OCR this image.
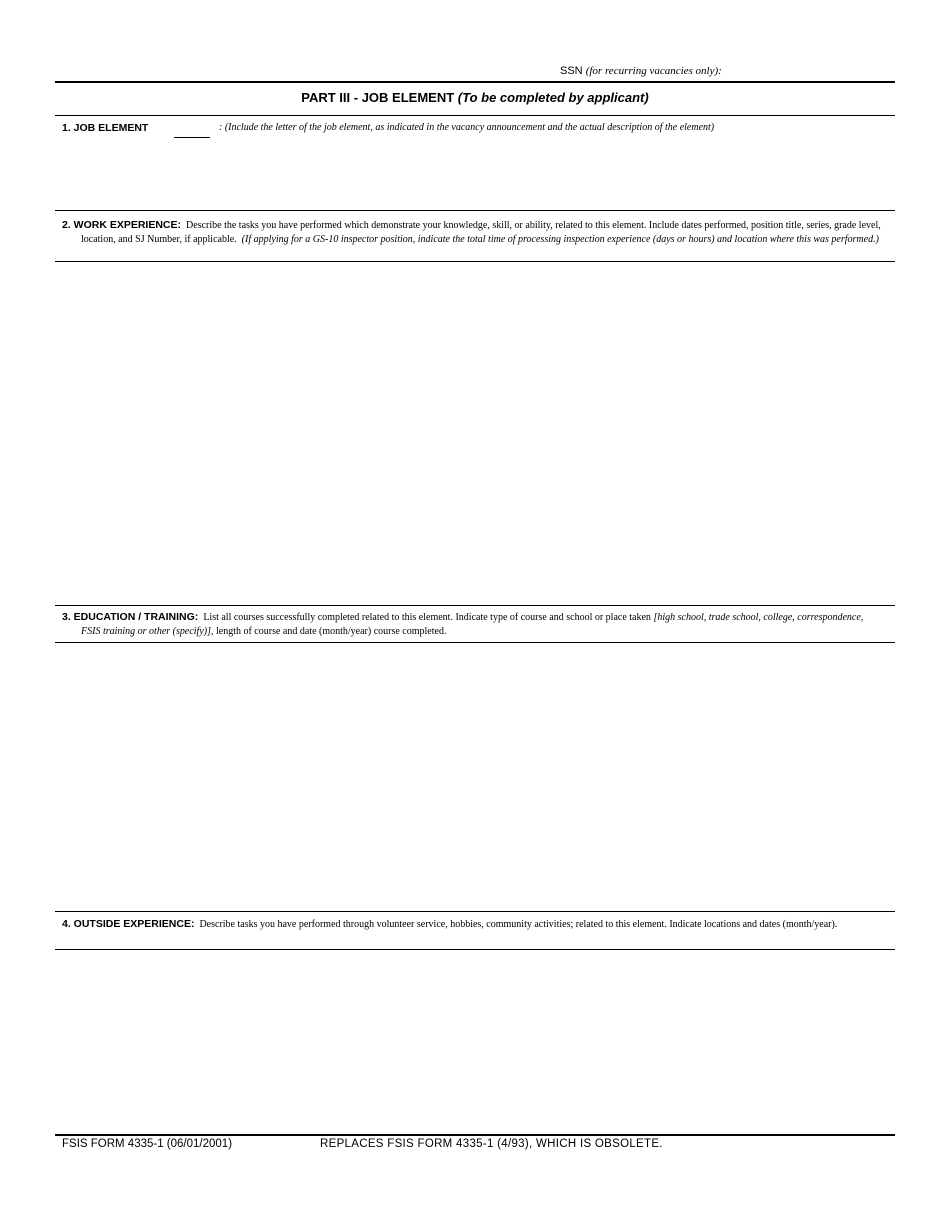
SSN (for recurring vacancies only):
PART III - JOB ELEMENT (To be completed by applicant)
1. JOB ELEMENT	: (Include the letter of the job element, as indicated in the vacancy announcement and the actual description of the element)
2. WORK EXPERIENCE: Describe the tasks you have performed which demonstrate your knowledge, skill, or ability, related to this element. Include dates performed, position title, series, grade level, location, and SJ Number, if applicable. (If applying for a GS-10 inspector position, indicate the total time of processing inspection experience (days or hours) and location where this was performed.)
3. EDUCATION / TRAINING: List all courses successfully completed related to this element. Indicate type of course and school or place taken [high school, trade school, college, correspondence, FSIS training or other (specify)], length of course and date (month/year) course completed.
4. OUTSIDE EXPERIENCE: Describe tasks you have performed through volunteer service, hobbies, community activities; related to this element. Indicate locations and dates (month/year).
FSIS FORM 4335-1 (06/01/2001)	REPLACES FSIS FORM 4335-1 (4/93), WHICH IS OBSOLETE.
